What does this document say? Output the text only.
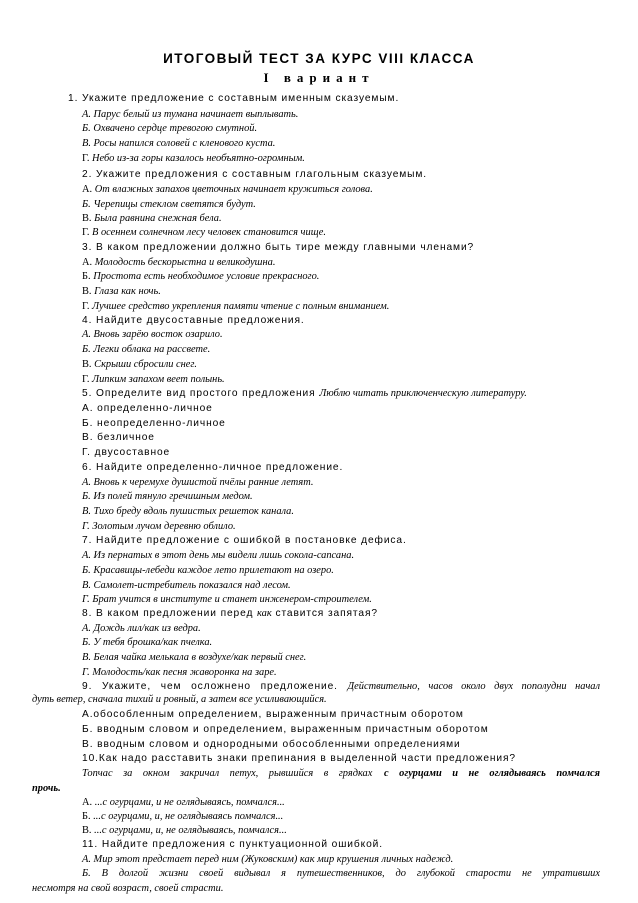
ИТОГОВЫЙ ТЕСТ ЗА КУРС VIII КЛАССА
I вариант
1. Укажите предложение с составным именным сказуемым.
А. Парус белый из тумана начинает выплывать.
Б. Охвачено сердце тревогою смутной.
В. Росы напился соловей с кленового куста.
Г. Небо из-за горы казалось необъятно-огромным.
2. Укажите предложения с составным глагольным сказуемым.
А. От влажных запахов цветочных начинает кружиться голова.
Б. Черепицы стеклом светятся будут.
В. Была равнина снежная бела.
Г. В осеннем солнечном лесу человек становится чище.
3. В каком предложении должно быть тире между главными членами?
А. Молодость бескорыстна и великодушна.
Б. Простота есть необходимое условие прекрасного.
В. Глаза как ночь.
Г. Лучшее средство укрепления памяти чтение с полным вниманием.
4. Найдите двусоставные предложения.
А. Вновь зарёю восток озарило.
Б. Легки облака на рассвете.
В. Скрыши сбросили снег.
Г. Липким запахом веет полынь.
5. Определите вид простого предложения Люблю читать приключенческую литературу.
А. определенно-личное
Б. неопределенно-личное
В. безличное
Г. двусоставное
6. Найдите определенно-личное предложение.
А. Вновь к черемухе душистой пчёлы ранние летят.
Б. Из полей тянуло гречишным медом.
В. Тихо бреду вдоль пушистых решеток канала.
Г. Золотым лучом деревню облило.
7. Найдите предложение с ошибкой в постановке дефиса.
А. Из пернатых в этот день мы видели лишь сокола-сапсана.
Б. Красавицы-лебеди каждое лето прилетают на озеро.
В. Самолет-истребитель показался над лесом.
Г. Брат учится в институте и станет инженером-строителем.
8. В каком предложении перед как ставится запятая?
А. Дождь лил/как из ведра.
Б. У тебя брошка/как пчелка.
В. Белая чайка мелькала в воздухе/как первый снег.
Г. Молодость/как песня жаворонка на заре.
9. Укажите, чем осложнено предложение. Действительно, часов около двух пополудни начал
дуть ветер, сначала тихий и ровный, а затем все усиливающийся.
А.обособленным определением, выраженным причастным оборотом
Б. вводным словом и определением, выраженным причастным оборотом
В. вводным словом и однородными обособленными определениями
10.Как надо расставить знаки препинания в выделенной части предложения?
Топчас за окном закричал петух, рывшийся в грядках с огурцами и не оглядываясь помчался
прочь.
А. ...с огурцами, и не оглядываясь, помчался...
Б. ...с огурцами, и, не оглядываясь помчался...
В. ...с огурцами, и, не оглядываясь, помчался...
11. Найдите предложения с пунктуационной ошибкой.
А. Мир этот предстает перед ним (Жуковским) как мир крушения личных надежд.
Б. В долгой жизни своей видывал я путешественников, до глубокой старости не утративших
несмотря на свой возраст, своей страсти.
